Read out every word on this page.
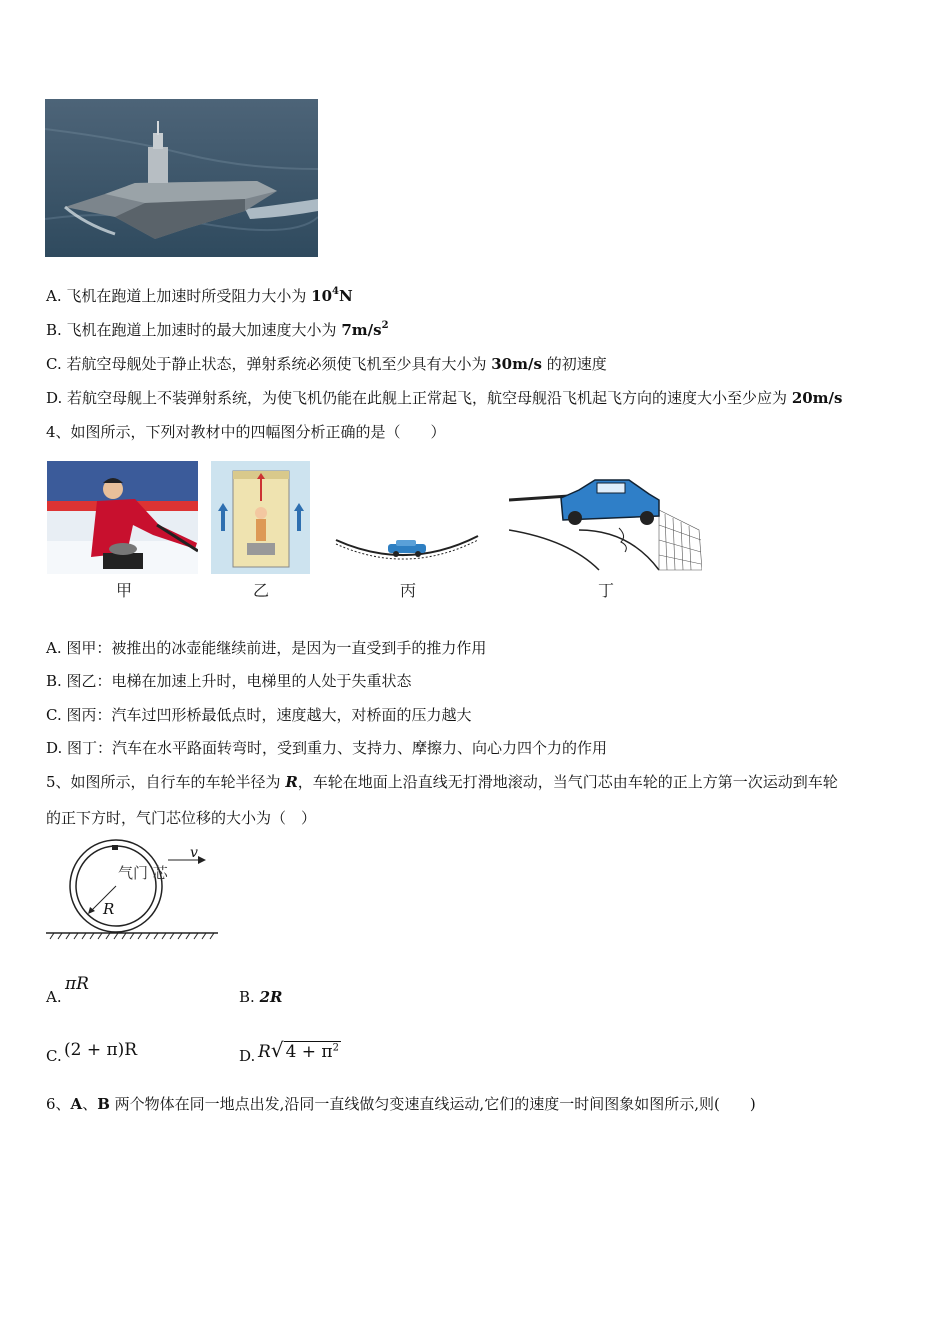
A. 飞机在跑道上加速时所受阻力大小为 $10^4N$
B. 飞机在跑道上加速时的最大加速度大小为 $7m/s^2$
C. 若航空母舰处于静止状态，弹射系统必须使飞机至少具有大小为 30m/s 的初速度
D. 若航空母舰上不装弹射系统，为使飞机仍能在此舰上正常起飞，航空母舰沿飞机起飞方向的速度大小至少应为 20m/s
4、如图所示，下列对教材中的四幅图分析正确的是（　　）
甲	乙	丙	丁
A. 图甲：被推出的冰壶能继续前进，是因为一直受到手的推力作用
B. 图乙：电梯在加速上升时，电梯里的人处于失重状态
C. 图丙：汽车过凹形桥最低点时，速度越大，对桥面的压力越大
D. 图丁：汽车在水平路面转弯时，受到重力、支持力、摩擦力、向心力四个力的作用
5、如图所示，自行车的车轮半径为 R，车轮在地面上沿直线无打滑地滚动，当气门芯由车轮的正上方第一次运动到车轮
的正下方时，气门芯位移的大小为（　）
气门 芯
v
R
A.
πR
B. 2R
C. (2 + π)R	D. R√ $4 + \pi^2$
6、A、B 两个物体在同一地点出发,沿同一直线做匀变速直线运动,它们的速度一时间图象如图所示,则(　　)
